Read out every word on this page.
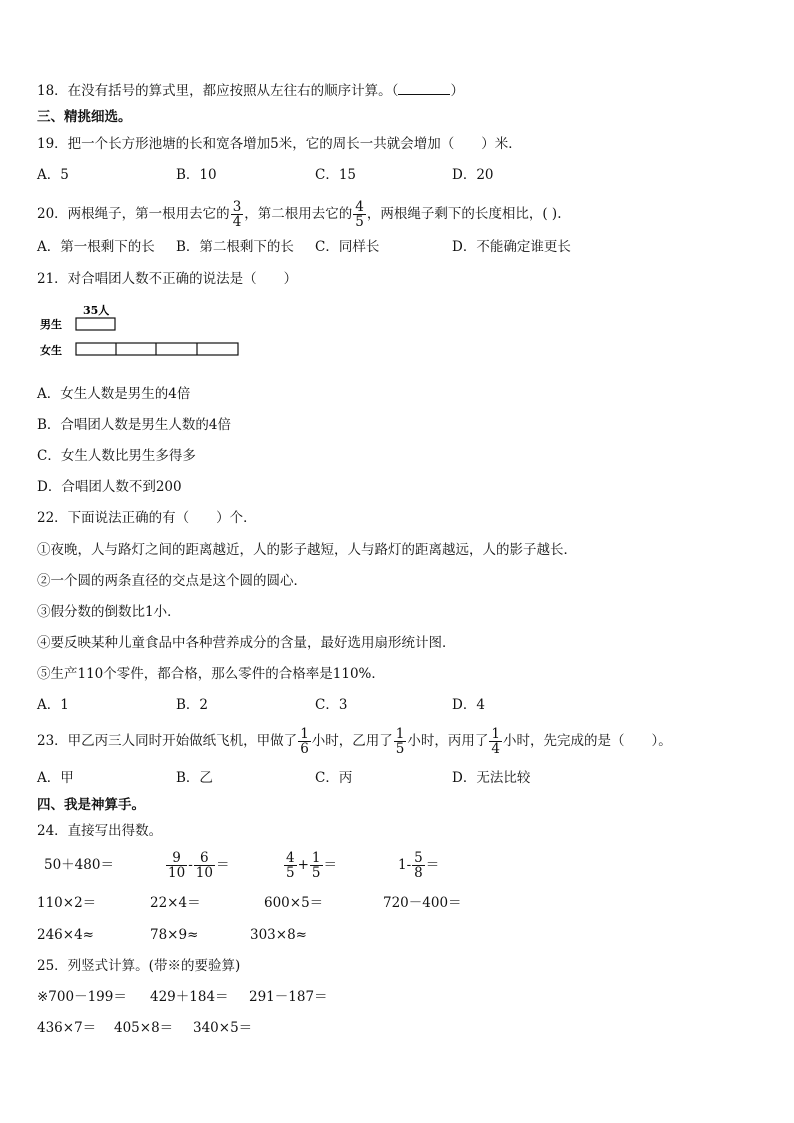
18．在没有括号的算式里，都应按照从左往右的顺序计算。（	）
三、精挑细选。
19．把一个长方形池塘的长和宽各增加5米，它的周长一共就会增加（　　）米．
A．5	B．10	C．15	D．20
20．两根绳子，第一根用去它的 $\frac{3}{4}$ ，第二根用去它的 $\frac{4}{5}$ ，两根绳子剩下的长度相比，( ).
A．第一根剩下的长 B．第二根剩下的长 C．同样长	D．不能确定谁更长
21．对合唱团人数不正确的说法是（　　）
35人
男生
女生
A．女生人数是男生的4倍
B．合唱团人数是男生人数的4倍
C．女生人数比男生多得多
D．合唱团人数不到200
22．下面说法正确的有（　　）个．
①夜晚，人与路灯之间的距离越近，人的影子越短，人与路灯的距离越远，人的影子越长．
②一个圆的两条直径的交点是这个圆的圆心．
③假分数的倒数比1小．
④要反映某种儿童食品中各种营养成分的含量，最好选用扇形统计图．
⑤生产110个零件，都合格，那么零件的合格率是110%．
A．1	B．2	C．3	D．4
23．甲乙丙三人同时开始做纸飞机，甲做了 $\frac{1}{6}$ 小时，乙用了 $\frac{1}{5}$ 小时，丙用了 $\frac{1}{4}$ 小时，先完成的是（　　）。
A．甲	B．乙	C．丙	D．无法比较
四、我是神算手。
24．直接写出得数。
50＋480＝	$\frac{9}{10} - \frac{6}{10}$ ＝	$\frac{4}{5} + \frac{1}{5}$ ＝	$1- \frac{5}{8}$ ＝
110×2＝	22×4＝	600×5＝	720－400＝
246×4≈	78×9≈	303×8≈
25．列竖式计算。(带※的要验算)
※700－199＝ 429＋184＝ 291－187＝
436×7＝ 405×8＝ 340×5＝
